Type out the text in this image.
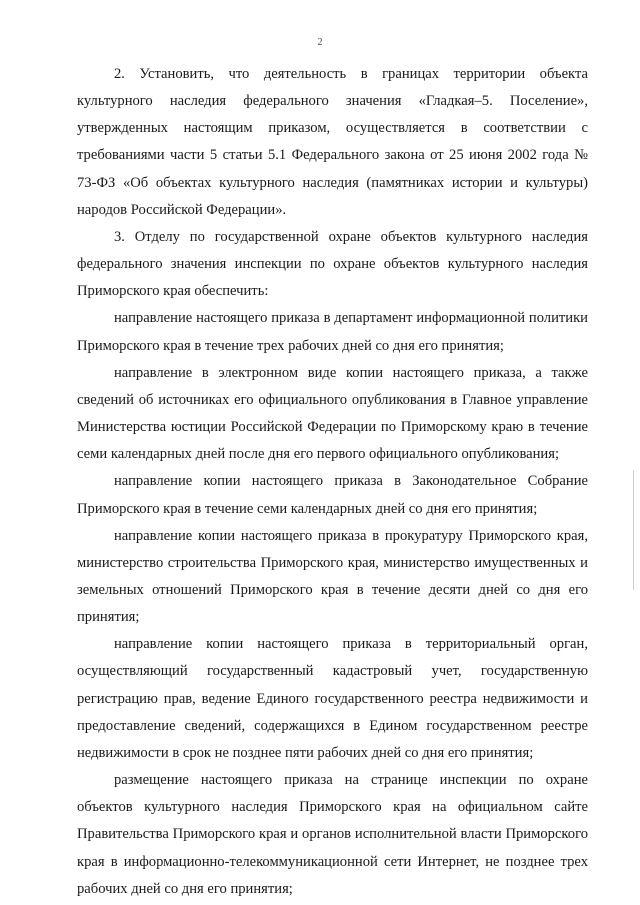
2

2. Установить, что деятельность в границах территории объекта культурного наследия федерального значения «Гладкая–5. Поселение», утвержденных настоящим приказом, осуществляется в соответствии с требованиями части 5 статьи 5.1 Федерального закона от 25 июня 2002 года № 73-ФЗ «Об объектах культурного наследия (памятниках истории и культуры) народов Российской Федерации».

3. Отделу по государственной охране объектов культурного наследия федерального значения инспекции по охране объектов культурного наследия Приморского края обеспечить:

направление настоящего приказа в департамент информационной политики Приморского края в течение трех рабочих дней со дня его принятия;

направление в электронном виде копии настоящего приказа, а также сведений об источниках его официального опубликования в Главное управление Министерства юстиции Российской Федерации по Приморскому краю в течение семи календарных дней после дня его первого официального опубликования;

направление копии настоящего приказа в Законодательное Собрание Приморского края в течение семи календарных дней со дня его принятия;

направление копии настоящего приказа в прокуратуру Приморского края, министерство строительства Приморского края, министерство имущественных и земельных отношений Приморского края в течение десяти дней со дня его принятия;

направление копии настоящего приказа в территориальный орган, осуществляющий государственный кадастровый учет, государственную регистрацию прав, ведение Единого государственного реестра недвижимости и предоставление сведений, содержащихся в Едином государственном реестре недвижимости в срок не позднее пяти рабочих дней со дня его принятия;

размещение настоящего приказа на странице инспекции по охране объектов культурного наследия Приморского края на официальном сайте Правительства Приморского края и органов исполнительной власти Приморского края в информационно-телекоммуникационной сети Интернет, не позднее трех рабочих дней со дня его принятия;
